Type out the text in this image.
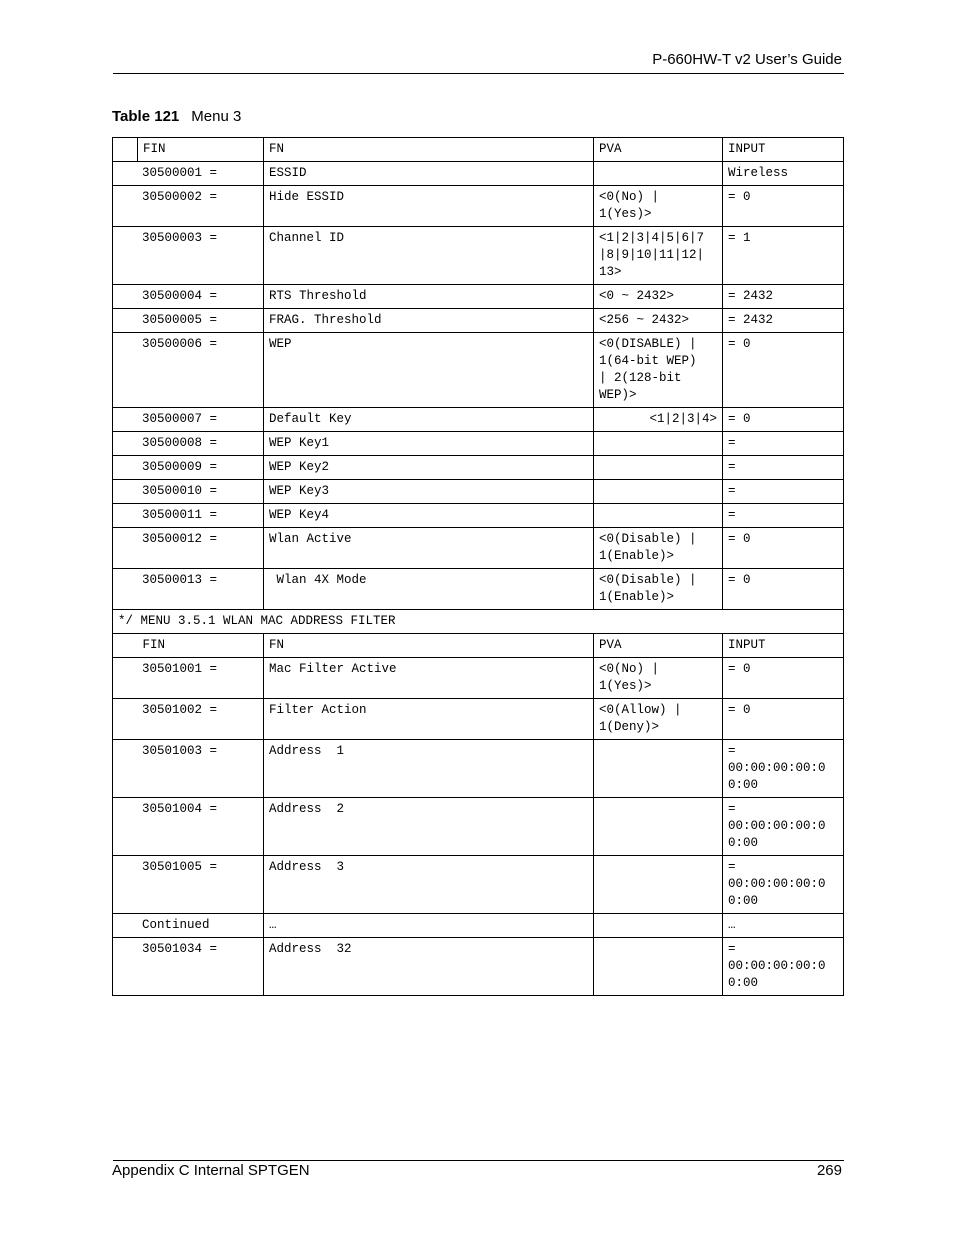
P-660HW-T v2 User’s Guide
Table 121 Menu 3
	FIN	FN	PVA	INPUT
30500001 =		ESSID		Wireless
30500002 =		Hide ESSID	<0(No) |
1(Yes)>	= 0
30500003 =		Channel ID	<1|2|3|4|5|6|7
|8|9|10|11|12|
13>	= 1
30500004 =		RTS Threshold	<0 ~ 2432>	= 2432
30500005 =		FRAG. Threshold	<256 ~ 2432>	= 2432
30500006 =		WEP	<0(DISABLE) |
1(64-bit WEP)
| 2(128-bit
WEP)>	= 0
30500007 =		Default Key	<1|2|3|4>	= 0
30500008 =		WEP Key1		=
30500009 =		WEP Key2		=
30500010 =		WEP Key3		=
30500011 =		WEP Key4		=
30500012 =		Wlan Active	<0(Disable) |
1(Enable)>	= 0
30500013 =		Wlan 4X Mode	<0(Disable) |
1(Enable)>	= 0
*/ MENU 3.5.1 WLAN MAC ADDRESS FILTER				
	FIN	FN	PVA	INPUT
30501001 =		Mac Filter Active	<0(No) |
1(Yes)>	= 0
30501002 =		Filter Action	<0(Allow) |
1(Deny)>	= 0
30501003 =		Address  1		=
00:00:00:00:0
0:00
30501004 =		Address  2		=
00:00:00:00:0
0:00
30501005 =		Address  3		=
00:00:00:00:0
0:00
Continued		…		…
30501034 =		Address  32		=
00:00:00:00:0
0:00
Appendix C Internal SPTGEN	269
